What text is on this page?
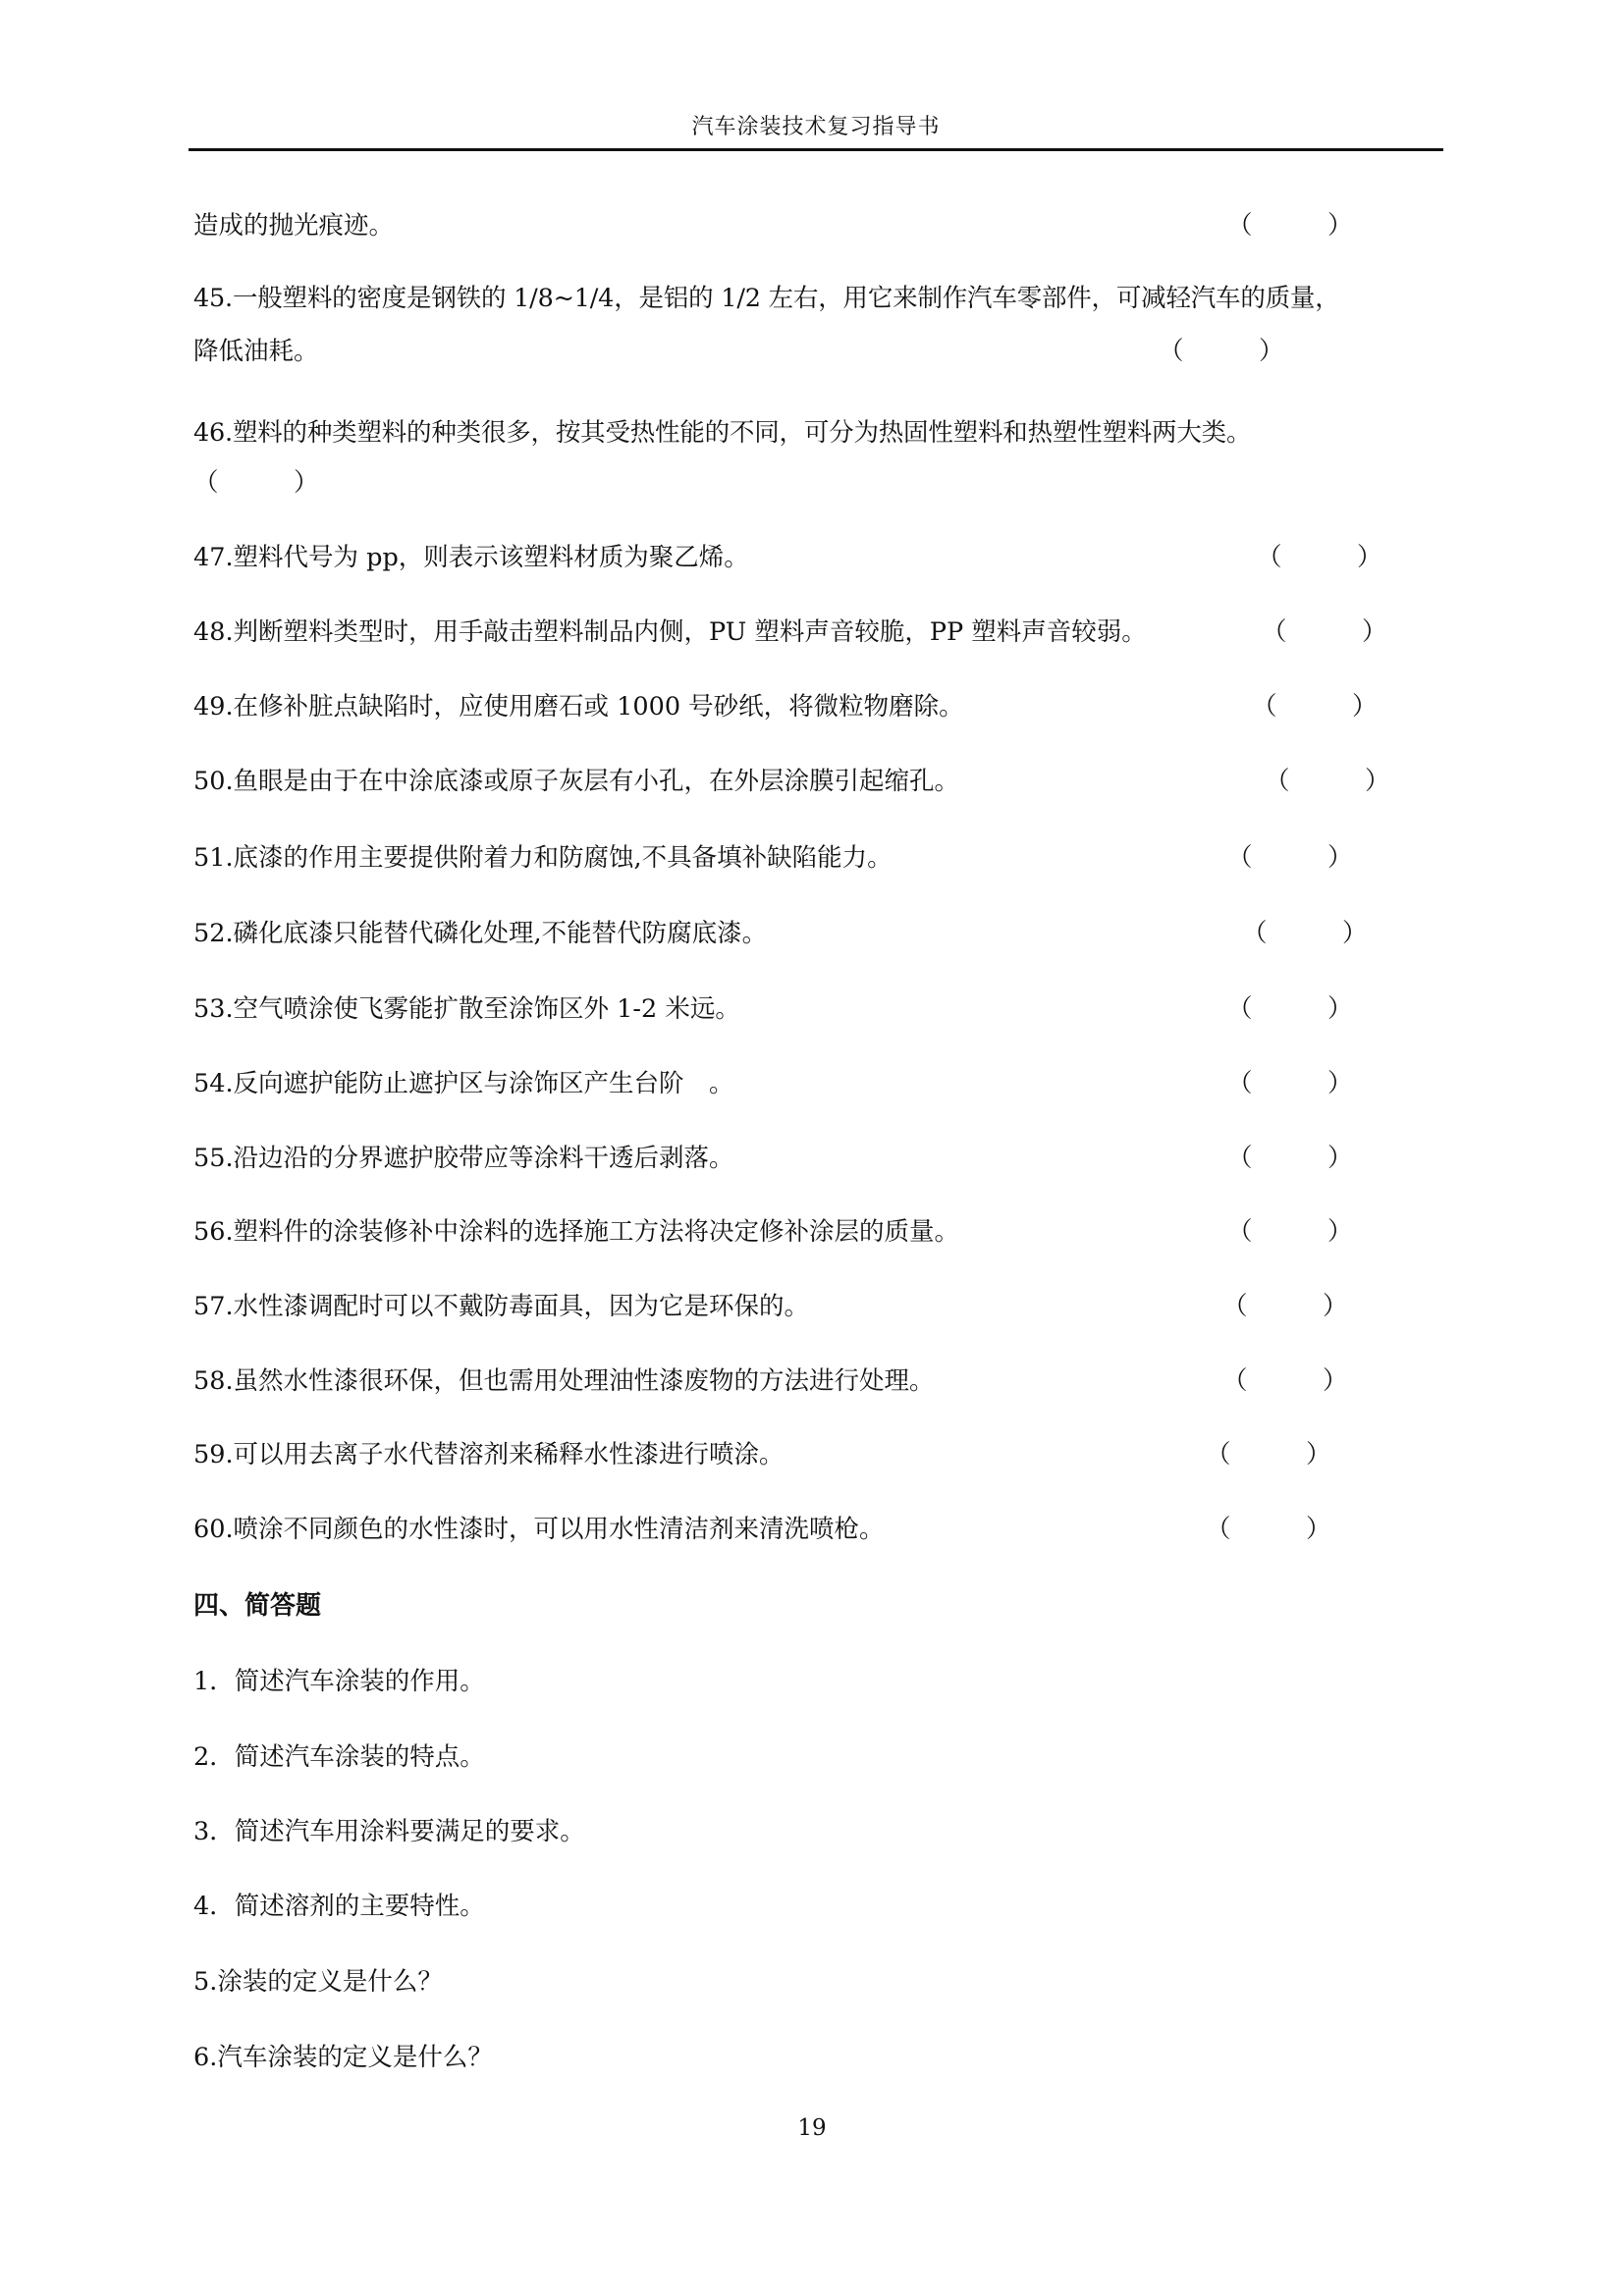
汽车涂装技术复习指导书
造成的抛光痕迹。	（　　　）
45.一般塑料的密度是钢铁的 1/8~1/4，是铝的 1/2 左右，用它来制作汽车零部件，可减轻汽车的质量，
降低油耗。	（　　　）
46.塑料的种类塑料的种类很多，按其受热性能的不同，可分为热固性塑料和热塑性塑料两大类。
（　　　）
47.塑料代号为 pp，则表示该塑料材质为聚乙烯。	（　　　）
48.判断塑料类型时，用手敲击塑料制品内侧，PU 塑料声音较脆，PP 塑料声音较弱。	（　　　）
49.在修补脏点缺陷时，应使用磨石或 1000 号砂纸，将微粒物磨除。	（　　　）
50.鱼眼是由于在中涂底漆或原子灰层有小孔，在外层涂膜引起缩孔。	（　　　）
51.底漆的作用主要提供附着力和防腐蚀,不具备填补缺陷能力。	（　　　）
52.磷化底漆只能替代磷化处理,不能替代防腐底漆。	（　　　）
53.空气喷涂使飞雾能扩散至涂饰区外 1-2 米远。	（　　　）
54.反向遮护能防止遮护区与涂饰区产生台阶　。	（　　　）
55.沿边沿的分界遮护胶带应等涂料干透后剥落。	（　　　）
56.塑料件的涂装修补中涂料的选择施工方法将决定修补涂层的质量。	（　　　）
57.水性漆调配时可以不戴防毒面具，因为它是环保的。	（　　　）
58.虽然水性漆很环保，但也需用处理油性漆废物的方法进行处理。	（　　　）
59.可以用去离子水代替溶剂来稀释水性漆进行喷涂。	（　　　）
60.喷涂不同颜色的水性漆时，可以用水性清洁剂来清洗喷枪。	（　　　）
四、简答题
1．简述汽车涂装的作用。
2．简述汽车涂装的特点。
3．简述汽车用涂料要满足的要求。
4．简述溶剂的主要特性。
5.涂装的定义是什么？
6.汽车涂装的定义是什么？
19
